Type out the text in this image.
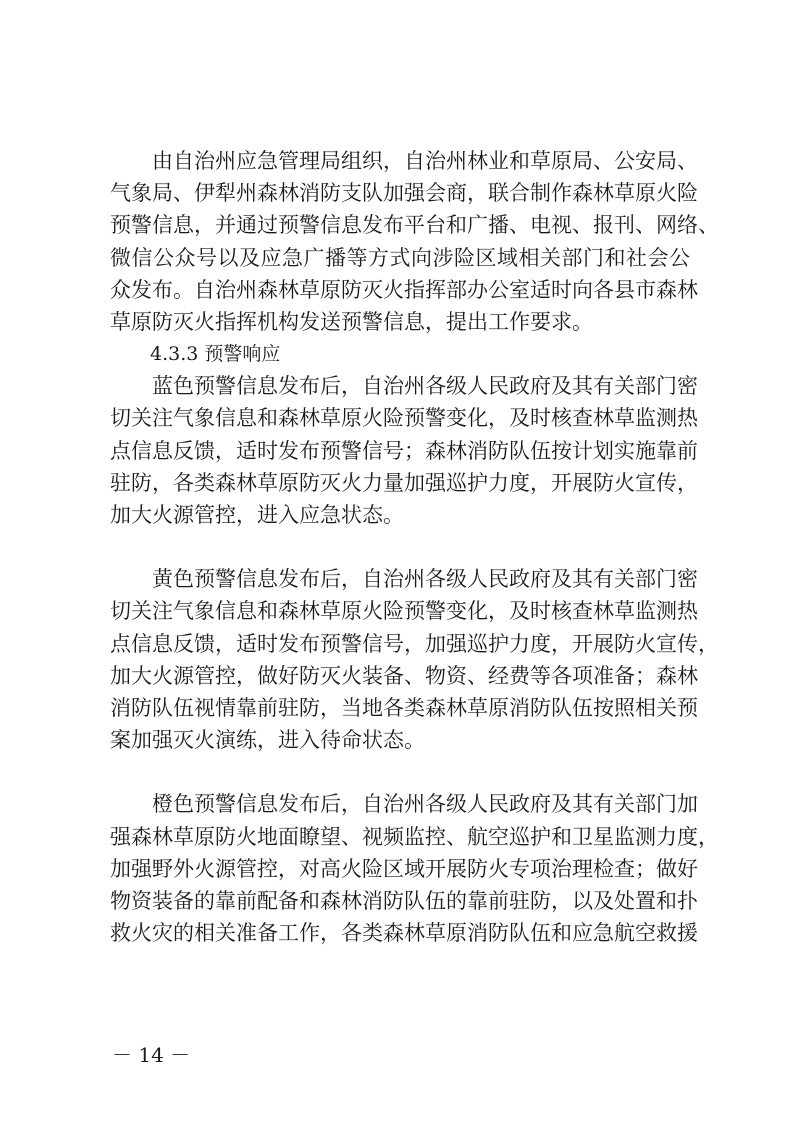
由自治州应急管理局组织，自治州林业和草原局、公安局、
气象局、伊犁州森林消防支队加强会商，联合制作森林草原火险
预警信息，并通过预警信息发布平台和广播、电视、报刊、网络、
微信公众号以及应急广播等方式向涉险区域相关部门和社会公
众发布。自治州森林草原防灭火指挥部办公室适时向各县市森林
草原防灭火指挥机构发送预警信息，提出工作要求。
4.3.3 预警响应
蓝色预警信息发布后，自治州各级人民政府及其有关部门密
切关注气象信息和森林草原火险预警变化，及时核查林草监测热
点信息反馈，适时发布预警信号；森林消防队伍按计划实施靠前
驻防，各类森林草原防灭火力量加强巡护力度，开展防火宣传，
加大火源管控，进入应急状态。
黄色预警信息发布后，自治州各级人民政府及其有关部门密
切关注气象信息和森林草原火险预警变化，及时核查林草监测热
点信息反馈，适时发布预警信号，加强巡护力度，开展防火宣传，
加大火源管控，做好防灭火装备、物资、经费等各项准备；森林
消防队伍视情靠前驻防，当地各类森林草原消防队伍按照相关预
案加强灭火演练，进入待命状态。
橙色预警信息发布后，自治州各级人民政府及其有关部门加
强森林草原防火地面瞭望、视频监控、航空巡护和卫星监测力度，
加强野外火源管控，对高火险区域开展防火专项治理检查；做好
物资装备的靠前配备和森林消防队伍的靠前驻防，以及处置和扑
救火灾的相关准备工作，各类森林草原消防队伍和应急航空救援
－ 14 －
